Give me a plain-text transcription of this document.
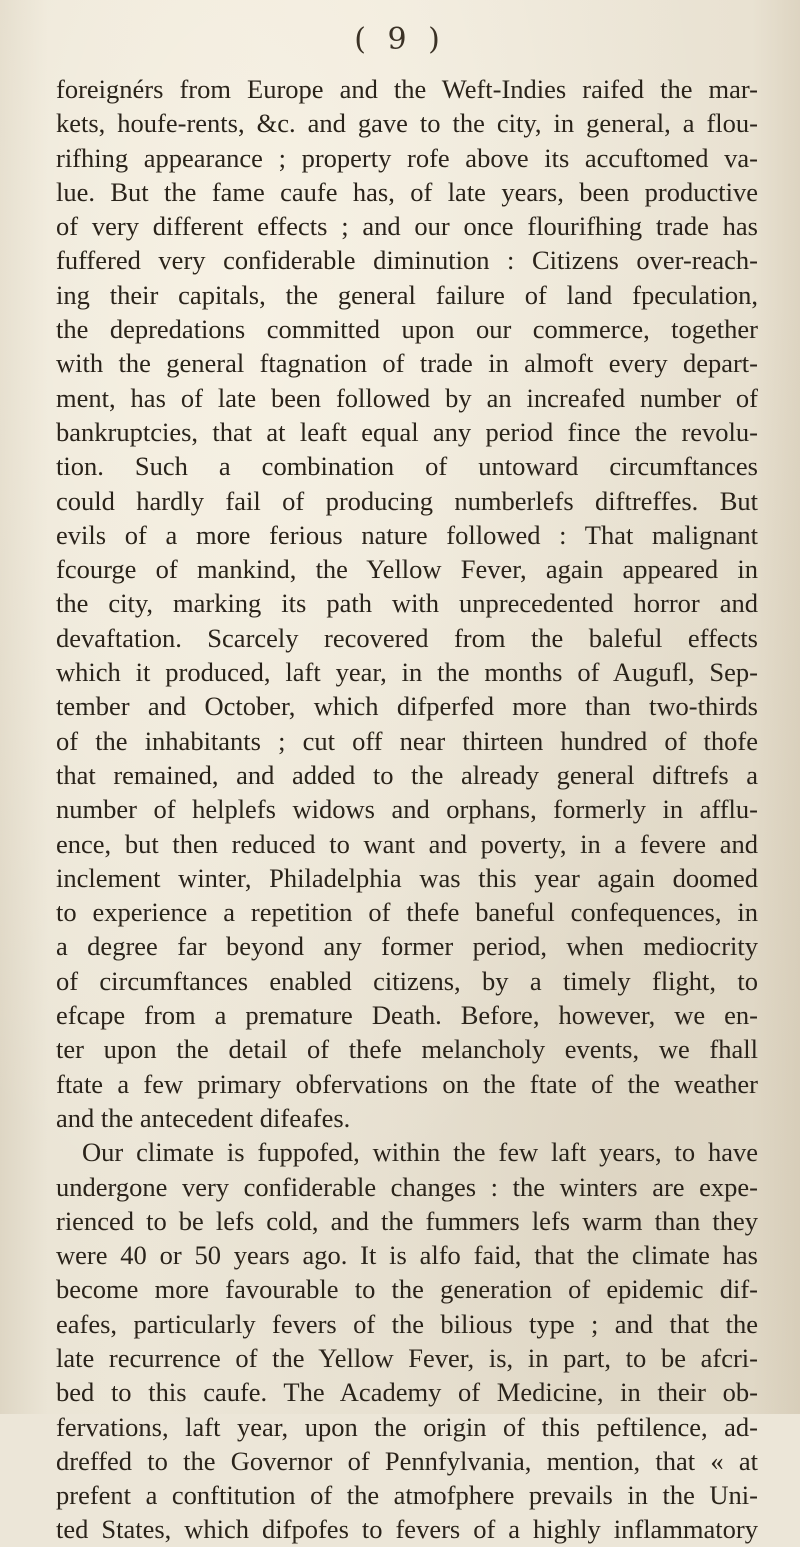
( 9 )
foreignérs from Europe and the Weft-Indies raifed the mar-
kets, houfe-rents, &c. and gave to the city, in general, a flou-
rifhing appearance ; property rofe above its accuftomed va-
lue. But the fame caufe has, of late years, been productive
of very different effects ; and our once flourifhing trade has
fuffered very confiderable diminution : Citizens over-reach-
ing their capitals, the general failure of land fpeculation,
the depredations committed upon our commerce, together
with the general ftagnation of trade in almoft every depart-
ment, has of late been followed by an increafed number of
bankruptcies, that at leaft equal any period fince the revolu-
tion. Such a combination of untoward circumftances
could hardly fail of producing numberlefs diftreffes. But
evils of a more ferious nature followed : That malignant
fcourge of mankind, the Yellow Fever, again appeared in
the city, marking its path with unprecedented horror and
devaftation. Scarcely recovered from the baleful effects
which it produced, laft year, in the months of Augufl, Sep-
tember and October, which difperfed more than two-thirds
of the inhabitants ; cut off near thirteen hundred of thofe
that remained, and added to the already general diftrefs a
number of helplefs widows and orphans, formerly in afflu-
ence, but then reduced to want and poverty, in a fevere and
inclement winter, Philadelphia was this year again doomed
to experience a repetition of thefe baneful confequences, in
a degree far beyond any former period, when mediocrity
of circumftances enabled citizens, by a timely flight, to
efcape from a premature Death. Before, however, we en-
ter upon the detail of thefe melancholy events, we fhall
ftate a few primary obfervations on the ftate of the weather
and the antecedent difeafes.
Our climate is fuppofed, within the few laft years, to have
undergone very confiderable changes : the winters are expe-
rienced to be lefs cold, and the fummers lefs warm than they
were 40 or 50 years ago. It is alfo faid, that the climate has
become more favourable to the generation of epidemic dif-
eafes, particularly fevers of the bilious type ; and that the
late recurrence of the Yellow Fever, is, in part, to be afcri-
bed to this caufe. The Academy of Medicine, in their ob-
fervations, laft year, upon the origin of this peftilence, ad-
dreffed to the Governor of Pennfylvania, mention, that « at
prefent a conftitution of the atmofphere prevails in the Uni-
ted States, which difpofes to fevers of a highly inflammatory
